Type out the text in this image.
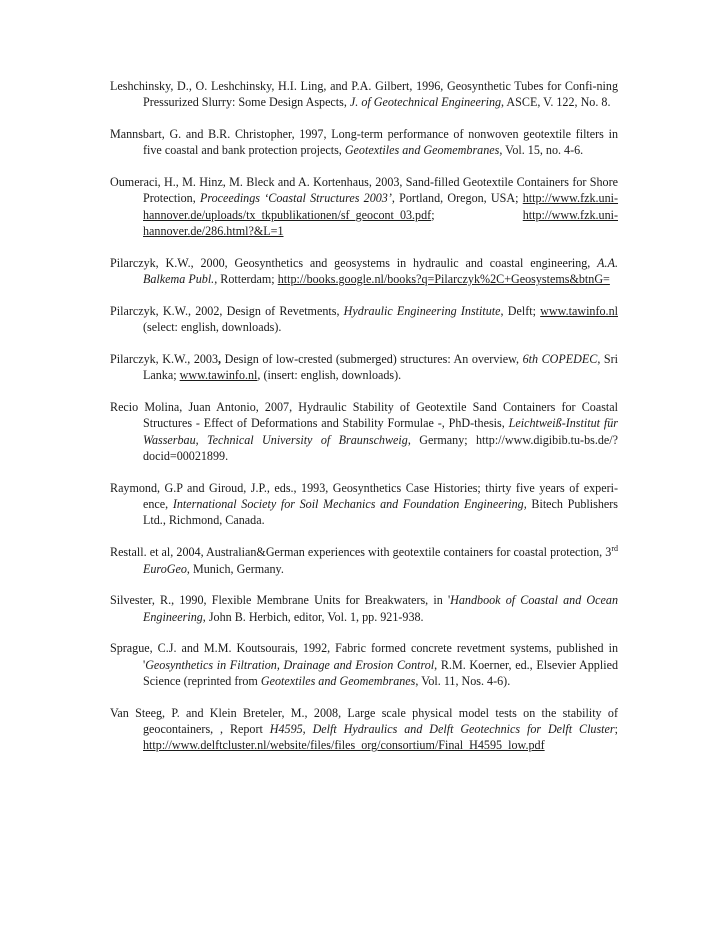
Leshchinsky, D., O. Leshchinsky, H.I. Ling, and P.A. Gilbert, 1996, Geosynthetic Tubes for Confi-ning Pressurized Slurry: Some Design Aspects, J. of Geotechnical Engineering, ASCE, V. 122, No. 8.

Mannsbart, G. and B.R. Christopher, 1997, Long-term performance of nonwoven geotextile filters in five coastal and bank protection projects, Geotextiles and Geomembranes, Vol. 15, no. 4-6.

Oumeraci, H., M. Hinz, M. Bleck and A. Kortenhaus, 2003, Sand-filled Geotextile Containers for Shore Protection, Proceedings ‘Coastal Structures 2003’, Portland, Oregon, USA; http://www.fzk.uni-hannover.de/uploads/tx_tkpublikationen/sf_geocont_03.pdf; http://www.fzk.uni-hannover.de/286.html?&L=1

Pilarczyk, K.W., 2000, Geosynthetics and geosystems in hydraulic and coastal engineering, A.A. Balkema Publ., Rotterdam; http://books.google.nl/books?q=Pilarczyk%2C+Geosystems&btnG=

Pilarczyk, K.W., 2002, Design of Revetments, Hydraulic Engineering Institute, Delft; www.tawinfo.nl (select: english, downloads).

Pilarczyk, K.W., 2003, Design of low-crested (submerged) structures: An overview, 6th COPEDEC, Sri Lanka; www.tawinfo.nl, (insert: english, downloads).

Recio Molina, Juan Antonio, 2007, Hydraulic Stability of Geotextile Sand Containers for Coastal Structures - Effect of Deformations and Stability Formulae -, PhD-thesis, Leichtweiß-Institut für Wasserbau, Technical University of Braunschweig, Germany; http://www.digibib.tu-bs.de/?docid=00021899.

Raymond, G.P and Giroud, J.P., eds., 1993, Geosynthetics Case Histories; thirty five years of experi-ence, International Society for Soil Mechanics and Foundation Engineering, Bitech Publishers Ltd., Richmond, Canada.

Restall. et al, 2004, Australian&German experiences with geotextile containers for coastal protection, 3rd EuroGeo, Munich, Germany.

Silvester, R., 1990, Flexible Membrane Units for Breakwaters, in 'Handbook of Coastal and Ocean Engineering, John B. Herbich, editor, Vol. 1, pp. 921-938.

Sprague, C.J. and M.M. Koutsourais, 1992, Fabric formed concrete revetment systems, published in 'Geosynthetics in Filtration, Drainage and Erosion Control, R.M. Koerner, ed., Elsevier Applied Science (reprinted from Geotextiles and Geomembranes, Vol. 11, Nos. 4-6).

Van Steeg, P. and Klein Breteler, M., 2008, Large scale physical model tests on the stability of geocontainers, , Report H4595, Delft Hydraulics and Delft Geotechnics for Delft Cluster; http://www.delftcluster.nl/website/files/files_org/consortium/Final_H4595_low.pdf
